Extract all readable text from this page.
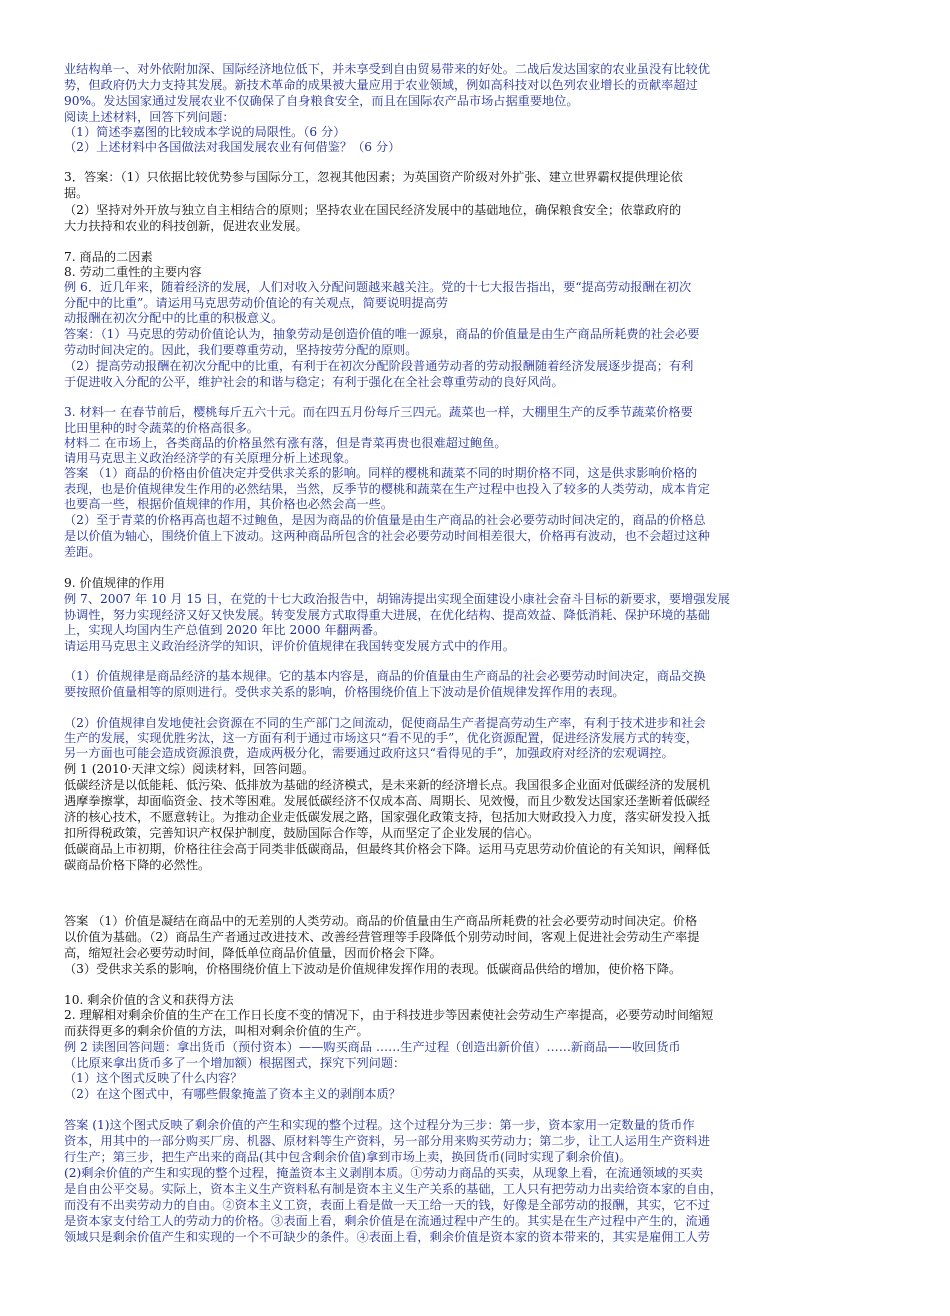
业结构单一、对外依附加深、国际经济地位低下，并未享受到自由贸易带来的好处。二战后发达国家的农业虽没有比较优
势，但政府仍大力支持其发展。新技术革命的成果被大量应用于农业领域，例如高科技对以色列农业增长的贡献率超过
90%。发达国家通过发展农业不仅确保了自身粮食安全，而且在国际农产品市场占据重要地位。
阅读上述材料，回答下列问题：
（1）简述李嘉图的比较成本学说的局限性。（6 分）
（2）上述材料中各国做法对我国发展农业有何借鉴？（6 分）
3．答案：（1）只依据比较优势参与国际分工，忽视其他因素；为英国资产阶级对外扩张、建立世界霸权提供理论依
据。
（2）坚持对外开放与独立自主相结合的原则；坚持农业在国民经济发展中的基础地位，确保粮食安全；依靠政府的
大力扶持和农业的科技创新，促进农业发展。
7. 商品的二因素
8. 劳动二重性的主要内容
例 6．近几年来，随着经济的发展，人们对收入分配问题越来越关注。党的十七大报告指出，要“提高劳动报酬在初次
分配中的比重”。请运用马克思劳动价值论的有关观点，简要说明提高劳
动报酬在初次分配中的比重的积极意义。
答案：（1）马克思的劳动价值论认为，抽象劳动是创造价值的唯一源泉，商品的价值量是由生产商品所耗费的社会必要
劳动时间决定的。因此，我们要尊重劳动，坚持按劳分配的原则。
（2）提高劳动报酬在初次分配中的比重，有利于在初次分配阶段普通劳动者的劳动报酬随着经济发展逐步提高；有利
于促进收入分配的公平，维护社会的和谐与稳定；有利于强化在全社会尊重劳动的良好风尚。
3. 材料一 在春节前后，樱桃每斤五六十元。而在四五月份每斤三四元。蔬菜也一样，大棚里生产的反季节蔬菜价格要
比田里种的时令蔬菜的价格高很多。
材料二 在市场上，各类商品的价格虽然有涨有落，但是青菜再贵也很难超过鲍鱼。
请用马克思主义政治经济学的有关原理分析上述现象。
答案 （1）商品的价格由价值决定并受供求关系的影响。同样的樱桃和蔬菜不同的时期价格不同，这是供求影响价格的
表现，也是价值规律发生作用的必然结果，当然，反季节的樱桃和蔬菜在生产过程中也投入了较多的人类劳动，成本肯定
也要高一些，根据价值规律的作用，其价格也必然会高一些。
（2）至于青菜的价格再高也超不过鲍鱼，是因为商品的价值量是由生产商品的社会必要劳动时间决定的，商品的价格总
是以价值为轴心，围绕价值上下波动。这两种商品所包含的社会必要劳动时间相差很大，价格再有波动，也不会超过这种
差距。
9. 价值规律的作用
例 7、2007 年 10 月 15 日，在党的十七大政治报告中，胡锦涛提出实现全面建设小康社会奋斗目标的新要求，要增强发展
协调性，努力实现经济又好又快发展。转变发展方式取得重大进展，在优化结构、提高效益、降低消耗、保护环境的基础
上，实现人均国内生产总值到 2020 年比 2000 年翻两番。
请运用马克思主义政治经济学的知识，评价价值规律在我国转变发展方式中的作用。
（1）价值规律是商品经济的基本规律。它的基本内容是，商品的价值量由生产商品的社会必要劳动时间决定，商品交换
要按照价值量相等的原则进行。受供求关系的影响，价格围绕价值上下波动是价值规律发挥作用的表现。
（2）价值规律自发地使社会资源在不同的生产部门之间流动，促使商品生产者提高劳动生产率，有利于技术进步和社会
生产的发展，实现优胜劣汰，这一方面有利于通过市场这只“看不见的手”，优化资源配置，促进经济发展方式的转变，
另一方面也可能会造成资源浪费，造成两极分化，需要通过政府这只“看得见的手”，加强政府对经济的宏观调控。
例 1 (2010·天津文综）阅读材料，回答问题。
低碳经济是以低能耗、低污染、低排放为基础的经济模式，是未来新的经济增长点。我国很多企业面对低碳经济的发展机
遇摩拳擦掌，却面临资金、技术等困难。发展低碳经济不仅成本高、周期长、见效慢，而且少数发达国家还垄断着低碳经
济的核心技术，不愿意转让。为推动企业走低碳发展之路，国家强化政策支持，包括加大财政投入力度，落实研发投入抵
扣所得税政策，完善知识产权保护制度，鼓励国际合作等，从而坚定了企业发展的信心。
低碳商品上市初期，价格往往会高于同类非低碳商品，但最终其价格会下降。运用马克思劳动价值论的有关知识，阐释低
碳商品价格下降的必然性。
答案 （1）价值是凝结在商品中的无差别的人类劳动。商品的价值量由生产商品所耗费的社会必要劳动时间决定。价格
以价值为基础。（2）商品生产者通过改进技术、改善经营管理等手段降低个别劳动时间，客观上促进社会劳动生产率提
高，缩短社会必要劳动时间，降低单位商品价值量，因而价格会下降。
（3）受供求关系的影响，价格围绕价值上下波动是价值规律发挥作用的表现。低碳商品供给的增加，使价格下降。
10. 剩余价值的含义和获得方法
2. 理解相对剩余价值的生产在工作日长度不变的情况下，由于科技进步等因素使社会劳动生产率提高，必要劳动时间缩短
而获得更多的剩余价值的方法，叫相对剩余价值的生产。
例 2 读图回答问题：拿出货币（预付资本）——购买商品 ……生产过程（创造出新价值）……新商品——收回货币
（比原来拿出货币多了一个增加额）根据图式，探究下列问题：
（1）这个图式反映了什么内容？
（2）在这个图式中，有哪些假象掩盖了资本主义的剥削本质？
答案 (1)这个图式反映了剩余价值的产生和实现的整个过程。这个过程分为三步：第一步，资本家用一定数量的货币作
资本，用其中的一部分购买厂房、机器、原材料等生产资料，另一部分用来购买劳动力；第二步，让工人运用生产资料进
行生产；第三步，把生产出来的商品(其中包含剩余价值)拿到市场上卖，换回货币(同时实现了剩余价值)。
(2)剩余价值的产生和实现的整个过程，掩盖资本主义剥削本质。①劳动力商品的买卖，从现象上看，在流通领域的买卖
是自由公平交易。实际上，资本主义生产资料私有制是资本主义生产关系的基础，工人只有把劳动力出卖给资本家的自由，
而没有不出卖劳动力的自由。②资本主义工资，表面上看是做一天工给一天的钱，好像是全部劳动的报酬，其实，它不过
是资本家支付给工人的劳动力的价格。③表面上看，剩余价值是在流通过程中产生的。其实是在生产过程中产生的，流通
领域只是剩余价值产生和实现的一个不可缺少的条件。④表面上看，剩余价值是资本家的资本带来的，其实是雇佣工人劳
